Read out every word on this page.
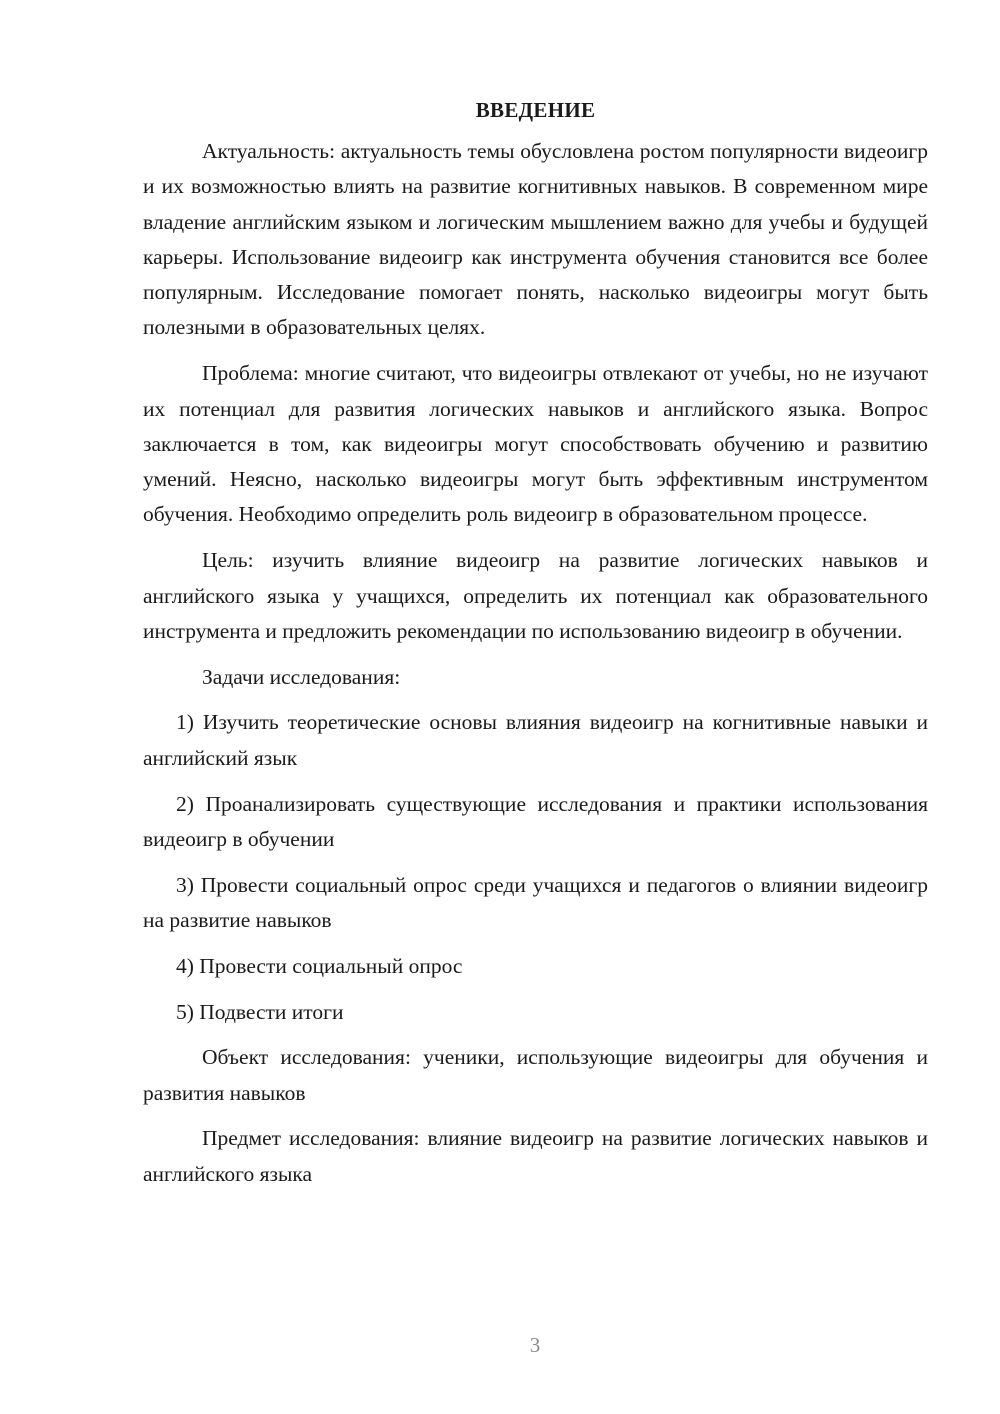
ВВЕДЕНИЕ

Актуальность: актуальность темы обусловлена ростом популярности видеоигр и их возможностью влиять на развитие когнитивных навыков. В современном мире владение английским языком и логическим мышлением важно для учебы и будущей карьеры. Использование видеоигр как инструмента обучения становится все более популярным. Исследование помогает понять, насколько видеоигры могут быть полезными в образовательных целях.

Проблема: многие считают, что видеоигры отвлекают от учебы, но не изучают их потенциал для развития логических навыков и английского языка. Вопрос заключается в том, как видеоигры могут способствовать обучению и развитию умений. Неясно, насколько видеоигры могут быть эффективным инструментом обучения. Необходимо определить роль видеоигр в образовательном процессе.

Цель: изучить влияние видеоигр на развитие логических навыков и английского языка у учащихся, определить их потенциал как образовательного инструмента и предложить рекомендации по использованию видеоигр в обучении.

Задачи исследования:

1) Изучить теоретические основы влияния видеоигр на когнитивные навыки и английский язык

2) Проанализировать существующие исследования и практики использования видеоигр в обучении

3) Провести социальный опрос среди учащихся и педагогов о влиянии видеоигр на развитие навыков

4) Провести социальный опрос

5) Подвести итоги

Объект исследования: ученики, использующие видеоигры для обучения и развития навыков

Предмет исследования: влияние видеоигр на развитие логических навыков и английского языка

3
